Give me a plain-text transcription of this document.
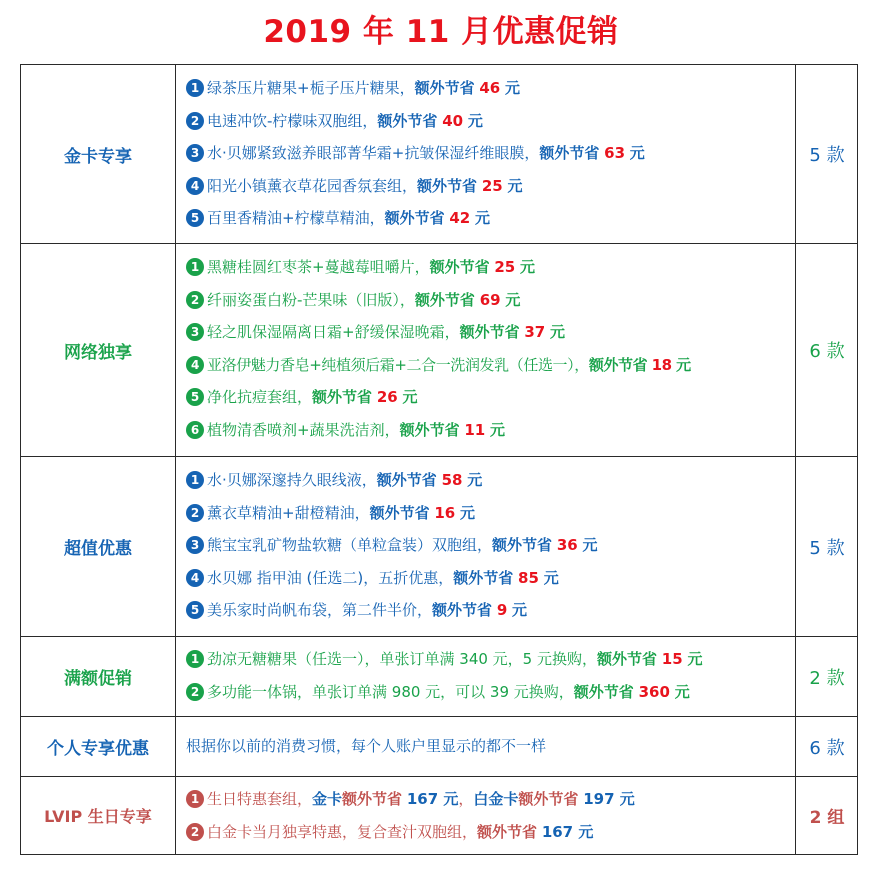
2019 年 11 月优惠促销
金卡专享
1 绿茶压片糖果+栀子压片糖果，额外节省 46 元
2 电速冲饮-柠檬味双胞组，额外节省 40 元
3 水·贝娜紧致滋养眼部菁华霜+抗皱保湿纤维眼膜，额外节省 63 元
4 阳光小镇薰衣草花园香氛套组，额外节省 25 元
5 百里香精油+柠檬草精油，额外节省 42 元
5 款
网络独享
1 黑糖桂圆红枣茶+蔓越莓咀嚼片，额外节省 25 元
2 纤丽姿蛋白粉-芒果味（旧版），额外节省 69 元
3 轻之肌保湿隔离日霜+舒缓保湿晚霜，额外节省 37 元
4 亚洛伊魅力香皂+纯植须后霜+二合一洗润发乳（任选一），额外节省 18 元
5 净化抗痘套组，额外节省 26 元
6 植物清香喷剂+蔬果洗洁剂，额外节省 11 元
6 款
超值优惠
1 水·贝娜深邃持久眼线液，额外节省 58 元
2 薰衣草精油+甜橙精油，额外节省 16 元
3 熊宝宝乳矿物盐软糖（单粒盒装）双胞组，额外节省 36 元
4 水贝娜 指甲油 (任选二)，五折优惠，额外节省 85 元
5 美乐家时尚帆布袋，第二件半价，额外节省 9 元
5 款
满额促销
1 劲凉无糖糖果（任选一），单张订单满 340 元，5 元换购，额外节省 15 元
2 多功能一体锅，单张订单满 980 元，可以 39 元换购，额外节省 360 元
2 款
个人专享优惠	根据你以前的消费习惯，每个人账户里显示的都不一样	6 款
LVIP 生日专享
1 生日特惠套组，金卡额外节省 167 元，白金卡额外节省 197 元
2 白金卡当月独享特惠，复合查汁双胞组，额外节省 167 元
2 组
